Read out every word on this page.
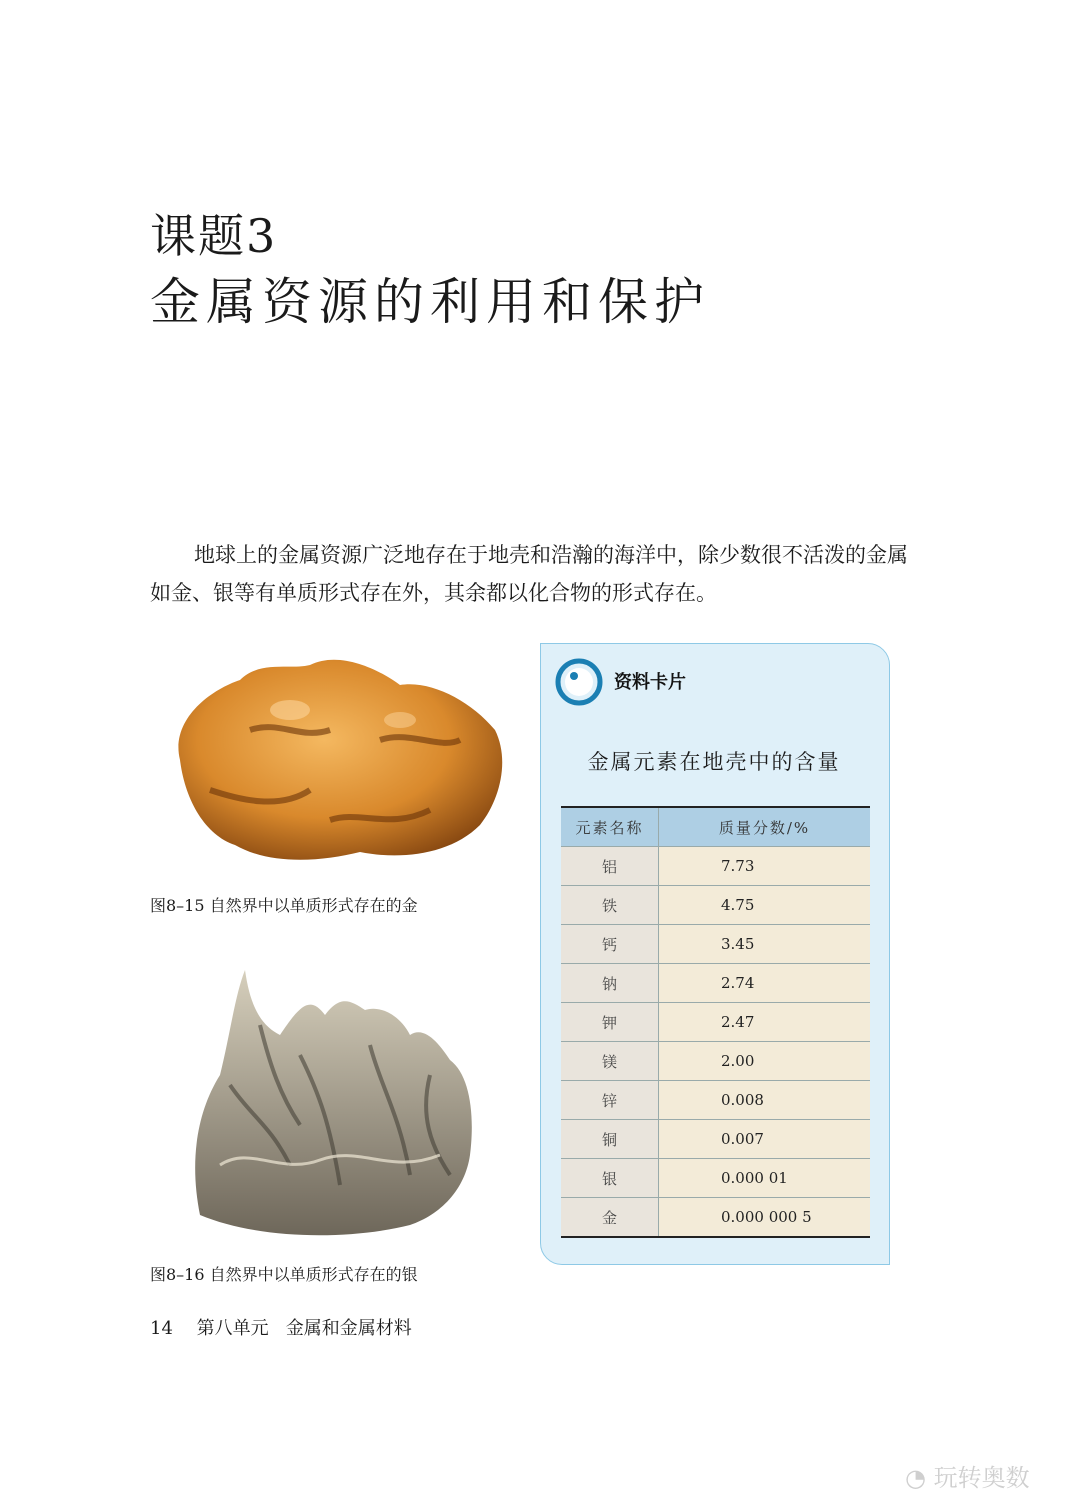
课题3
金属资源的利用和保护
地球上的金属资源广泛地存在于地壳和浩瀚的海洋中，除少数很不活泼的金属如金、银等有单质形式存在外，其余都以化合物的形式存在。
图8–15 自然界中以单质形式存在的金
图8–16 自然界中以单质形式存在的银
资料卡片
金属元素在地壳中的含量
元素名称	质量分数/%
铝	7.73
铁	4.75
钙	3.45
钠	2.74
钾	2.47
镁	2.00
锌	0.008
铜	0.007
银	0.000 01
金	0.000 000 5
14 第八单元 金属和金属材料
◔ 玩转奥数
